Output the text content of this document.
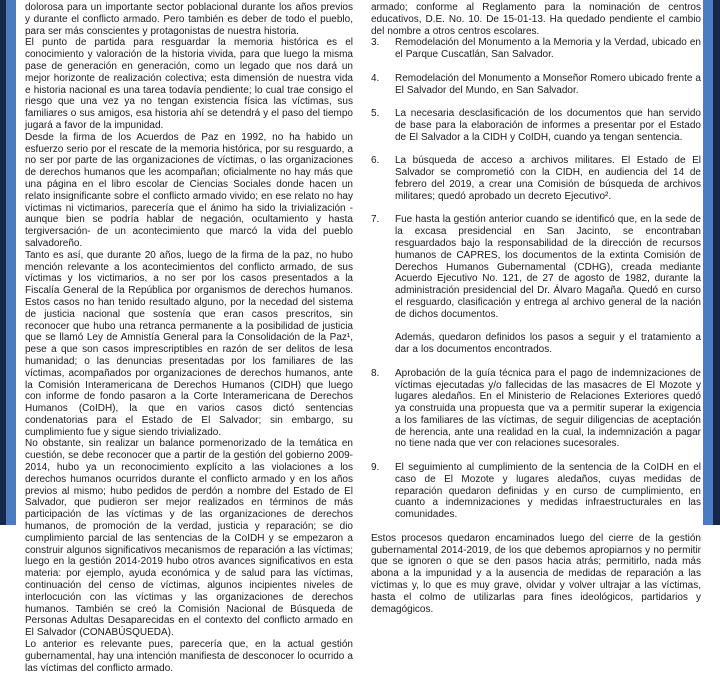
dolorosa para un importante sector poblacional durante los años previos y durante el conflicto armado. Pero también es deber de todo el pueblo, para ser más conscientes y protagonistas de nuestra historia.

El punto de partida para resguardar la memoria histórica es el conocimiento y valoración de la historia vivida, para que luego la misma pase de generación en generación, como un legado que nos dará un mejor horizonte de realización colectiva; esta dimensión de nuestra vida e historia nacional es una tarea todavía pendiente; lo cual trae consigo el riesgo que una vez ya no tengan existencia física las víctimas, sus familiares o sus amigos, esa historia ahí se detendrá y el paso del tiempo jugará a favor de la impunidad.

Desde la firma de los Acuerdos de Paz en 1992, no ha habido un esfuerzo serio por el rescate de la memoria histórica, por su resguardo, a no ser por parte de las organizaciones de víctimas, o las organizaciones de derechos humanos que les acompañan; oficialmente no hay más que una página en el libro escolar de Ciencias Sociales donde hacen un relato insignificante sobre el conflicto armado vivido; en ese relato no hay víctimas ni victimarios, parecería que el ánimo ha sido la trivialización -aunque bien se podría hablar de negación, ocultamiento y hasta tergiversación- de un acontecimiento que marcó la vida del pueblo salvadoreño.

Tanto es así, que durante 20 años, luego de la firma de la paz, no hubo mención relevante a los acontecimientos del conflicto armado, de sus víctimas y los victimarios, a no ser por los casos presentados a la Fiscalía General de la República por organismos de derechos humanos. Estos casos no han tenido resultado alguno, por la necedad del sistema de justicia nacional que sostenía que eran casos prescritos, sin reconocer que hubo una retranca permanente a la posibilidad de justicia que se llamó Ley de Amnistía General para la Consolidación de la Paz¹, pese a que son casos imprescriptibles en razón de ser delitos de lesa humanidad; o las denuncias presentadas por los familiares de las víctimas, acompañados por organizaciones de derechos humanos, ante la Comisión Interamericana de Derechos Humanos (CIDH) que luego con informe de fondo pasaron a la Corte Interamericana de Derechos Humanos (CoIDH), la que en varios casos dictó sentencias condenatorias para el Estado de El Salvador; sin embargo, su cumplimiento fue y sigue siendo trivializado.

No obstante, sin realizar un balance pormenorizado de la temática en cuestión, se debe reconocer que a partir de la gestión del gobierno 2009-2014, hubo ya un reconocimiento explícito a las violaciones a los derechos humanos ocurridos durante el conflicto armado y en los años previos al mismo; hubo pedidos de perdón a nombre del Estado de El Salvador, que pudieron ser mejor realizados en términos de más participación de las víctimas y de las organizaciones de derechos humanos, de promoción de la verdad, justicia y reparación; se dio cumplimiento parcial de las sentencias de la CoIDH y se empezaron a construir algunos significativos mecanismos de reparación a las víctimas; luego en la gestión 2014-2019 hubo otros avances significativos en esta materia: por ejemplo, ayuda económica y de salud para las víctimas, continuación del censo de víctimas, algunos incipientes niveles de interlocución con las víctimas y las organizaciones de derechos humanos. También se creó la Comisión Nacional de Búsqueda de Personas Adultas Desaparecidas en el contexto del conflicto armado en El Salvador (CONABÚSQUEDA).

Lo anterior es relevante pues, parecería que, en la actual gestión gubernamental, hay una intención manifiesta de desconocer lo ocurrido a las víctimas del conflicto armado.

armado; conforme al Reglamento para la nominación de centros educativos, D.E. No. 10. De 15-01-13. Ha quedado pendiente el cambio del nombre a otros centros escolares.

3.	Remodelación del Monumento a la Memoria y la Verdad, ubicado en el Parque Cuscatlán, San Salvador.

4.	Remodelación del Monumento a Monseñor Romero ubicado frente a El Salvador del Mundo, en San Salvador.

5.	La necesaria desclasificación de los documentos que han servido de base para la elaboración de informes a presentar por el Estado de El Salvador a la CIDH y CoIDH, cuando ya tengan sentencia.

6.	La búsqueda de acceso a archivos militares. El Estado de El Salvador se comprometió con la CIDH, en audiencia del 14 de febrero del 2019, a crear una Comisión de búsqueda de archivos militares; quedó aprobado un decreto Ejecutivo².

7.	Fue hasta la gestión anterior cuando se identificó que, en la sede de la excasa presidencial en San Jacinto, se encontraban resguardados bajo la responsabilidad de la dirección de recursos humanos de CAPRES, los documentos de la extinta Comisión de Derechos Humanos Gubernamental (CDHG), creada mediante Acuerdo Ejecutivo No. 121, de 27 de agosto de 1982, durante la administración presidencial del Dr. Álvaro Magaña. Quedó en curso el resguardo, clasificación y entrega al archivo general de la nación de dichos documentos.

Además, quedaron definidos los pasos a seguir y el tratamiento a dar a los documentos encontrados.

8.	Aprobación de la guía técnica para el pago de indemnizaciones de víctimas ejecutadas y/o fallecidas de las masacres de El Mozote y lugares aledaños. En el Ministerio de Relaciones Exteriores quedó ya construida una propuesta que va a permitir superar la exigencia a los familiares de las víctimas, de seguir diligencias de aceptación de herencia, ante una realidad en la cual, la indemnización a pagar no tiene nada que ver con relaciones sucesorales.

9.	El seguimiento al cumplimiento de la sentencia de la CoIDH en el caso de El Mozote y lugares aledaños, cuyas medidas de reparación quedaron definidas y en curso de cumplimiento, en cuanto a indemnizaciones y medidas infraestructurales en las comunidades.

Estos procesos quedaron encaminados luego del cierre de la gestión gubernamental 2014-2019, de los que debemos apropiarnos y no permitir que se ignoren o que se den pasos hacia atrás; permitirlo, nada más abona a la impunidad y a la ausencia de medidas de reparación a las víctimas y, lo que es muy grave, olvidar y volver ultrajar a las víctimas, hasta el colmo de utilizarlas para fines ideológicos, partidarios y demagógicos.
